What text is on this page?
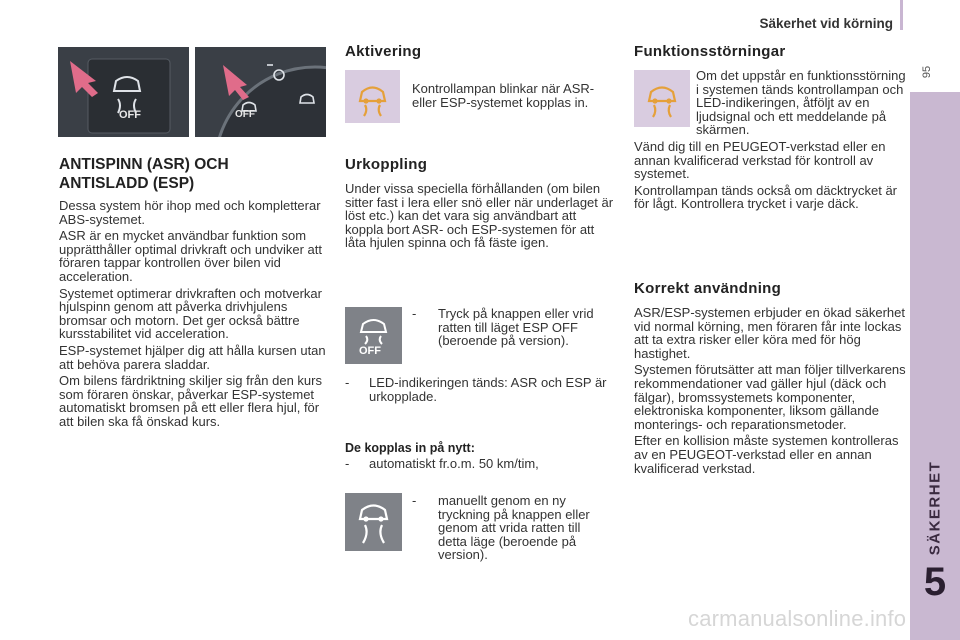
Säkerhet vid körning
95
SÄKERHET
5
OFF	OFF
ANTISPINN (ASR) OCH
ANTISLADD (ESP)

Dessa system hör ihop med och kompletterar ABS-systemet.

ASR är en mycket användbar funktion som upprätthåller optimal drivkraft och undviker att föraren tappar kontrollen över bilen vid acceleration.

Systemet optimerar drivkraften och motverkar hjulspinn genom att påverka drivhjulens bromsar och motorn. Det ger också bättre kursstabilitet vid acceleration.

ESP-systemet hjälper dig att hålla kursen utan att behöva parera sladdar.

Om bilens färdriktning skiljer sig från den kurs som föraren önskar, påverkar ESP-systemet automatiskt bromsen på ett eller flera hjul, för att bilen ska få önskad kurs.

Aktivering
Kontrollampan blinkar när ASR- eller ESP-systemet kopplas in.
Urkoppling
Under vissa speciella förhållanden (om bilen sitter fast i lera eller snö eller när underlaget är löst etc.) kan det vara sig användbart att koppla bort ASR- och ESP-systemen för att låta hjulen spinna och få fäste igen.
OFF
-	Tryck på knappen eller vrid ratten till läget ESP OFF (beroende på version).
-	LED-indikeringen tänds: ASR och ESP är urkopplade.
De kopplas in på nytt:
-	automatiskt fr.o.m. 50 km/tim,
-	manuellt genom en ny tryckning på knappen eller genom att vrida ratten till detta läge (beroende på version).
Funktionsstörningar

Om det uppstår en funktionsstörning i systemen tänds kontrollampan och LED-indikeringen, åtföljt av en ljudsignal och ett meddelande på skärmen.

Vänd dig till en PEUGEOT-verkstad eller en annan kvalificerad verkstad för kontroll av systemet.

Kontrollampan tänds också om däcktrycket är för lågt. Kontrollera trycket i varje däck.

Korrekt användning

ASR/ESP-systemen erbjuder en ökad säkerhet vid normal körning, men föraren får inte lockas att ta extra risker eller köra med för hög hastighet.

Systemen förutsätter att man följer tillverkarens rekommendationer vad gäller hjul (däck och fälgar), bromssystemets komponenter, elektroniska komponenter, liksom gällande monterings- och reparationsmetoder.

Efter en kollision måste systemen kontrolleras av en PEUGEOT-verkstad eller en annan kvalificerad verkstad.

carmanualsonline.info
